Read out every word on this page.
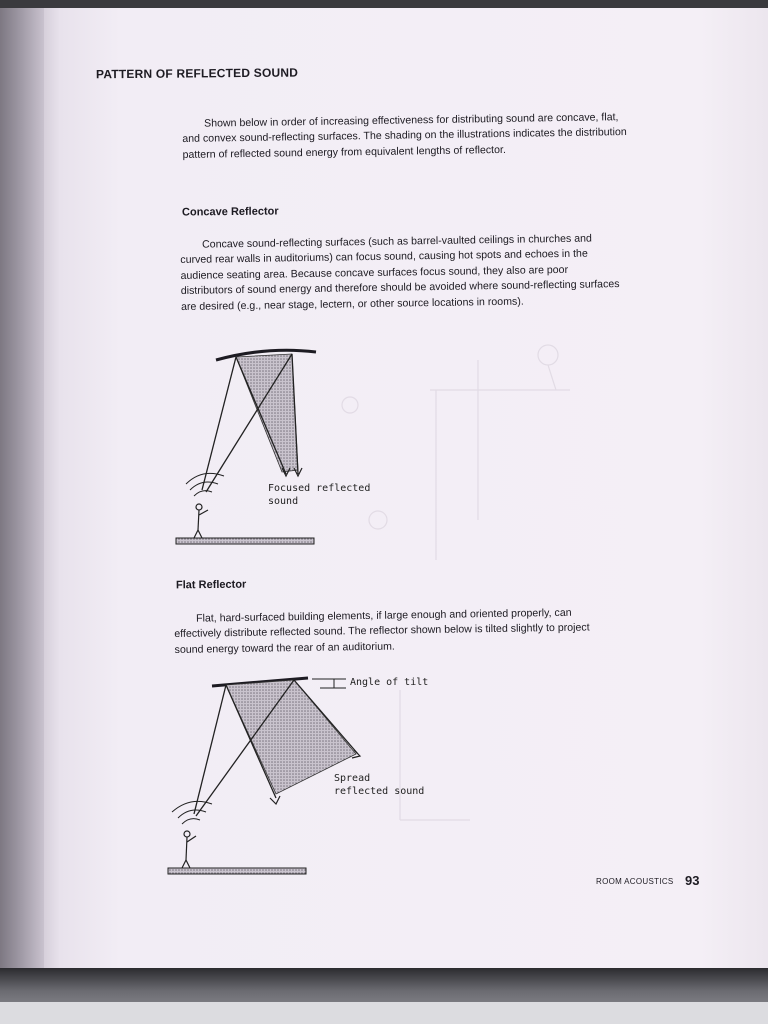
PATTERN OF REFLECTED SOUND
Shown below in order of increasing effectiveness for distributing sound are concave, flat, and convex sound-reflecting surfaces. The shading on the illustrations indicates the distribution pattern of reflected sound energy from equivalent lengths of reflector.
Concave Reflector
Concave sound-reflecting surfaces (such as barrel-vaulted ceilings in churches and curved rear walls in auditoriums) can focus sound, causing hot spots and echoes in the audience seating area. Because concave surfaces focus sound, they also are poor distributors of sound energy and therefore should be avoided where sound-reflecting surfaces are desired (e.g., near stage, lectern, or other source locations in rooms).
Focused reflected
sound
Flat Reflector
Flat, hard-surfaced building elements, if large enough and oriented properly, can effectively distribute reflected sound. The reflector shown below is tilted slightly to project sound energy toward the rear of an auditorium.
Angle of tilt
Spread
reflected sound
ROOM ACOUSTICS 93
